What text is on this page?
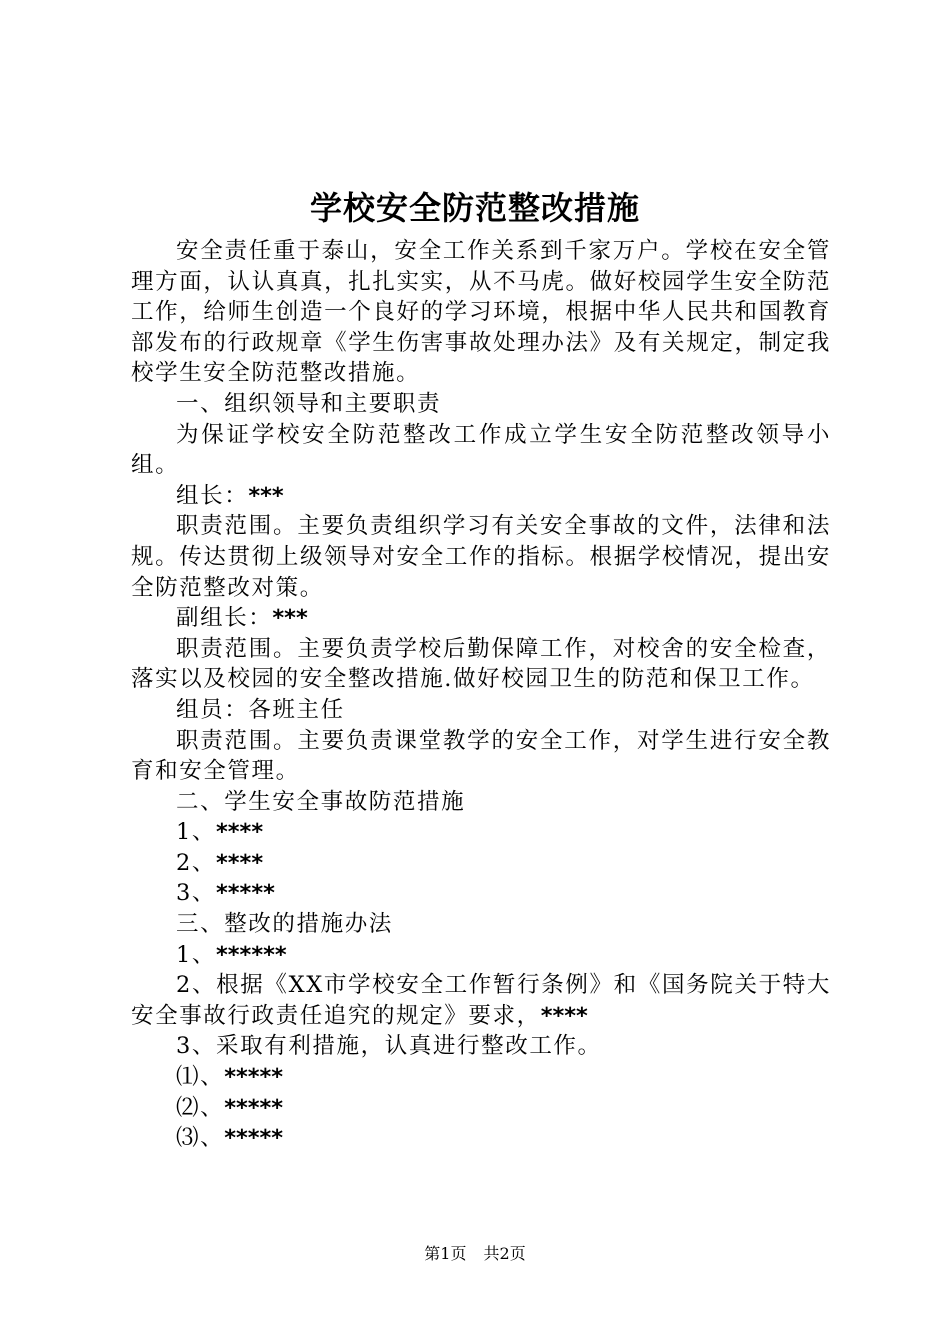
学校安全防范整改措施

安全责任重于泰山，安全工作关系到千家万户。学校在安全管理方面，认认真真，扎扎实实，从不马虎。做好校园学生安全防范工作，给师生创造一个良好的学习环境，根据中华人民共和国教育部发布的行政规章《学生伤害事故处理办法》及有关规定，制定我校学生安全防范整改措施。

一、组织领导和主要职责

为保证学校安全防范整改工作成立学生安全防范整改领导小组。

组长：***

职责范围。主要负责组织学习有关安全事故的文件，法律和法规。传达贯彻上级领导对安全工作的指标。根据学校情况，提出安全防范整改对策。

副组长：***

职责范围。主要负责学校后勤保障工作，对校舍的安全检查，落实以及校园的安全整改措施.做好校园卫生的防范和保卫工作。

组员：各班主任

职责范围。主要负责课堂教学的安全工作，对学生进行安全教育和安全管理。

二、学生安全事故防范措施

1、****

2、****

3、*****

三、整改的措施办法

1、******

2、根据《XX市学校安全工作暂行条例》和《国务院关于特大安全事故行政责任追究的规定》要求，****

3、采取有利措施，认真进行整改工作。

⑴、*****

⑵、*****

⑶、*****

第1页 共2页
